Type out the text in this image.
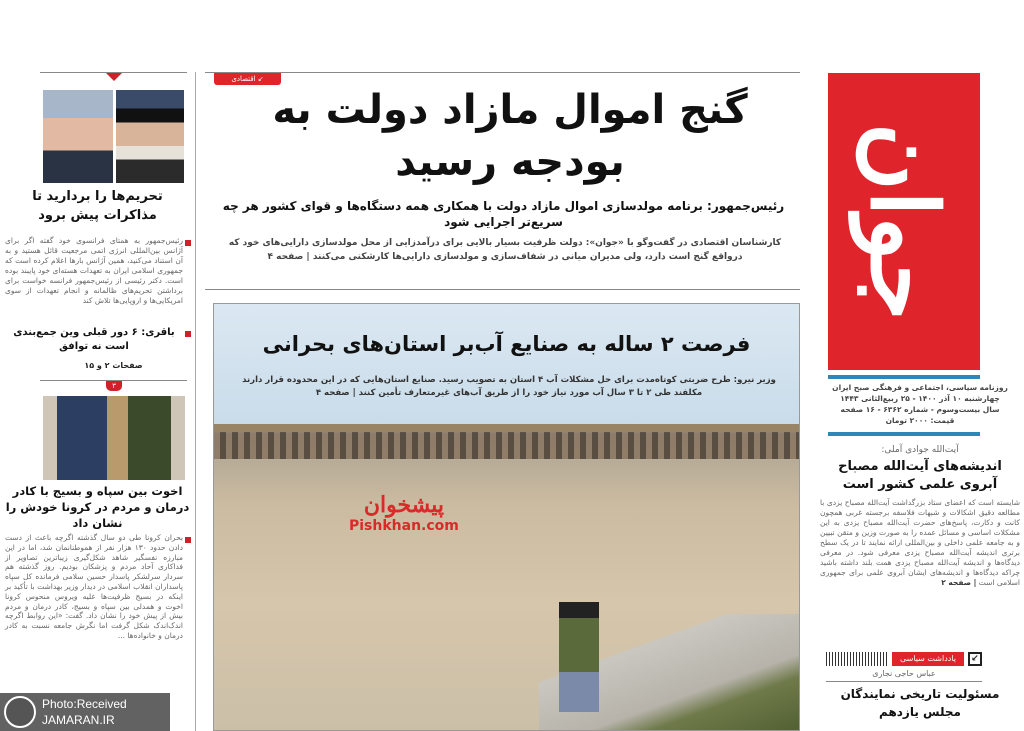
جوان
روزنامه سیاسی، اجتماعی و فرهنگی صبح ایران
چهارشنبه ۱۰ آذر ۱۴۰۰ - ۲۵ ربیع‌الثانی ۱۴۴۳
سال بیست‌وسوم - شماره ۶۳۶۲ - ۱۶ صفحه
قیمت: ۲۰۰۰ تومان
آیت‌الله جوادی آملی:
اندیشه‌های آیت‌الله مصباح آبروی علمی کشور است
شایسته است که اعضای ستاد بزرگداشت آیت‌الله مصباح یزدی با مطالعه دقیق اشکالات و شبهات فلاسفه برجسته غربی همچون کانت و دکارت، پاسخ‌های حضرت آیت‌الله مصباح یزدی به این مشکلات اساسی و مسائل عمده را به صورت وزین و متقن تبیین و به جامعه علمی داخلی و بین‌المللی ارائه نمایند تا در یک سطح برتری اندیشه آیت‌الله مصباح یزدی معرفی شود. در معرفی دیدگاه‌ها و اندیشه آیت‌الله مصباح یزدی همت بلند داشته باشید چراکه دیدگاه‌ها و اندیشه‌های ایشان آبروی علمی برای جمهوری اسلامی است | صفحه ۲
↙
یادداشت سیاسی
عباس حاجی نجاری
مسئولیت تاریخی نمایندگان مجلس یازدهم
↙ اقتصادی
گنج اموال مازاد دولت به بودجه رسید
رئیس‌جمهور: برنامه مولدسازی اموال مازاد دولت با همکاری همه دستگاه‌ها و قوای کشور هر چه سریع‌تر اجرایی شود
کارشناسان اقتصادی در گفت‌وگو با «جوان»: دولت ظرفیت بسیار بالایی برای درآمدزایی از محل مولدسازی دارایی‌های خود که درواقع گنج است دارد، ولی مدیران میانی در شفاف‌سازی و مولدسازی دارایی‌ها کارشکنی می‌کنند | صفحه ۴
فرصت ۲ ساله به صنایع آب‌بر استان‌های بحرانی
وزیر نیرو: طرح ضربتی کوتاه‌مدت برای حل مشکلات آب ۴ استان به تصویب رسید. صنایع استان‌هایی که در این محدوده قرار دارند مکلفند طی ۲ تا ۳ سال آب مورد نیاز خود را از طریق آب‌های غیرمتعارف تأمین کنند | صفحه ۴
پیشخوان
Pishkhan.com
تحریم‌ها را بردارید تا مذاکرات پیش برود
رئیس‌جمهور به همتای فرانسوی خود گفته اگر برای آژانس بین‌المللی انرژی اتمی مرجعیت قائل هستید و به آن استناد می‌کنید، همین آژانس بارها اعلام کرده است که جمهوری اسلامی ایران به تعهدات هسته‌ای خود پایبند بوده است. دکتر رئیسی از رئیس‌جمهور فرانسه خواست برای برداشتن تحریم‌های ظالمانه و انجام تعهدات از سوی امریکایی‌ها و اروپایی‌ها تلاش کند
باقری: ۶ دور قبلی وین جمع‌بندی است نه توافق
صفحات ۲ و ۱۵
۳
اخوت بین سپاه و بسیج با کادر درمان و مردم در کرونا خودش را نشان داد
بحران کرونا طی دو سال گذشته اگرچه باعث از دست دادن حدود ۱۳۰ هزار نفر از هموطنانمان شد، اما در این مبارزه نفسگیر شاهد شکل‌گیری زیباترین تصاویر از فداکاری آحاد مردم و پزشکان بودیم. روز گذشته هم سردار سرلشکر پاسدار حسین سلامی فرمانده کل سپاه پاسداران انقلاب اسلامی در دیدار وزیر بهداشت با تأکید بر اینکه در بسیج ظرفیت‌ها علیه ویروس منحوس کرونا اخوت و همدلی بین سپاه و بسیج، کادر درمان و مردم بیش از پیش خود را نشان داد. گفت: «این روابط اگرچه اندک‌اندک شکل گرفت اما نگرش جامعه نسبت به کادر درمان و خانواده‌ها ...
Photo:Received
JAMARAN.IR
